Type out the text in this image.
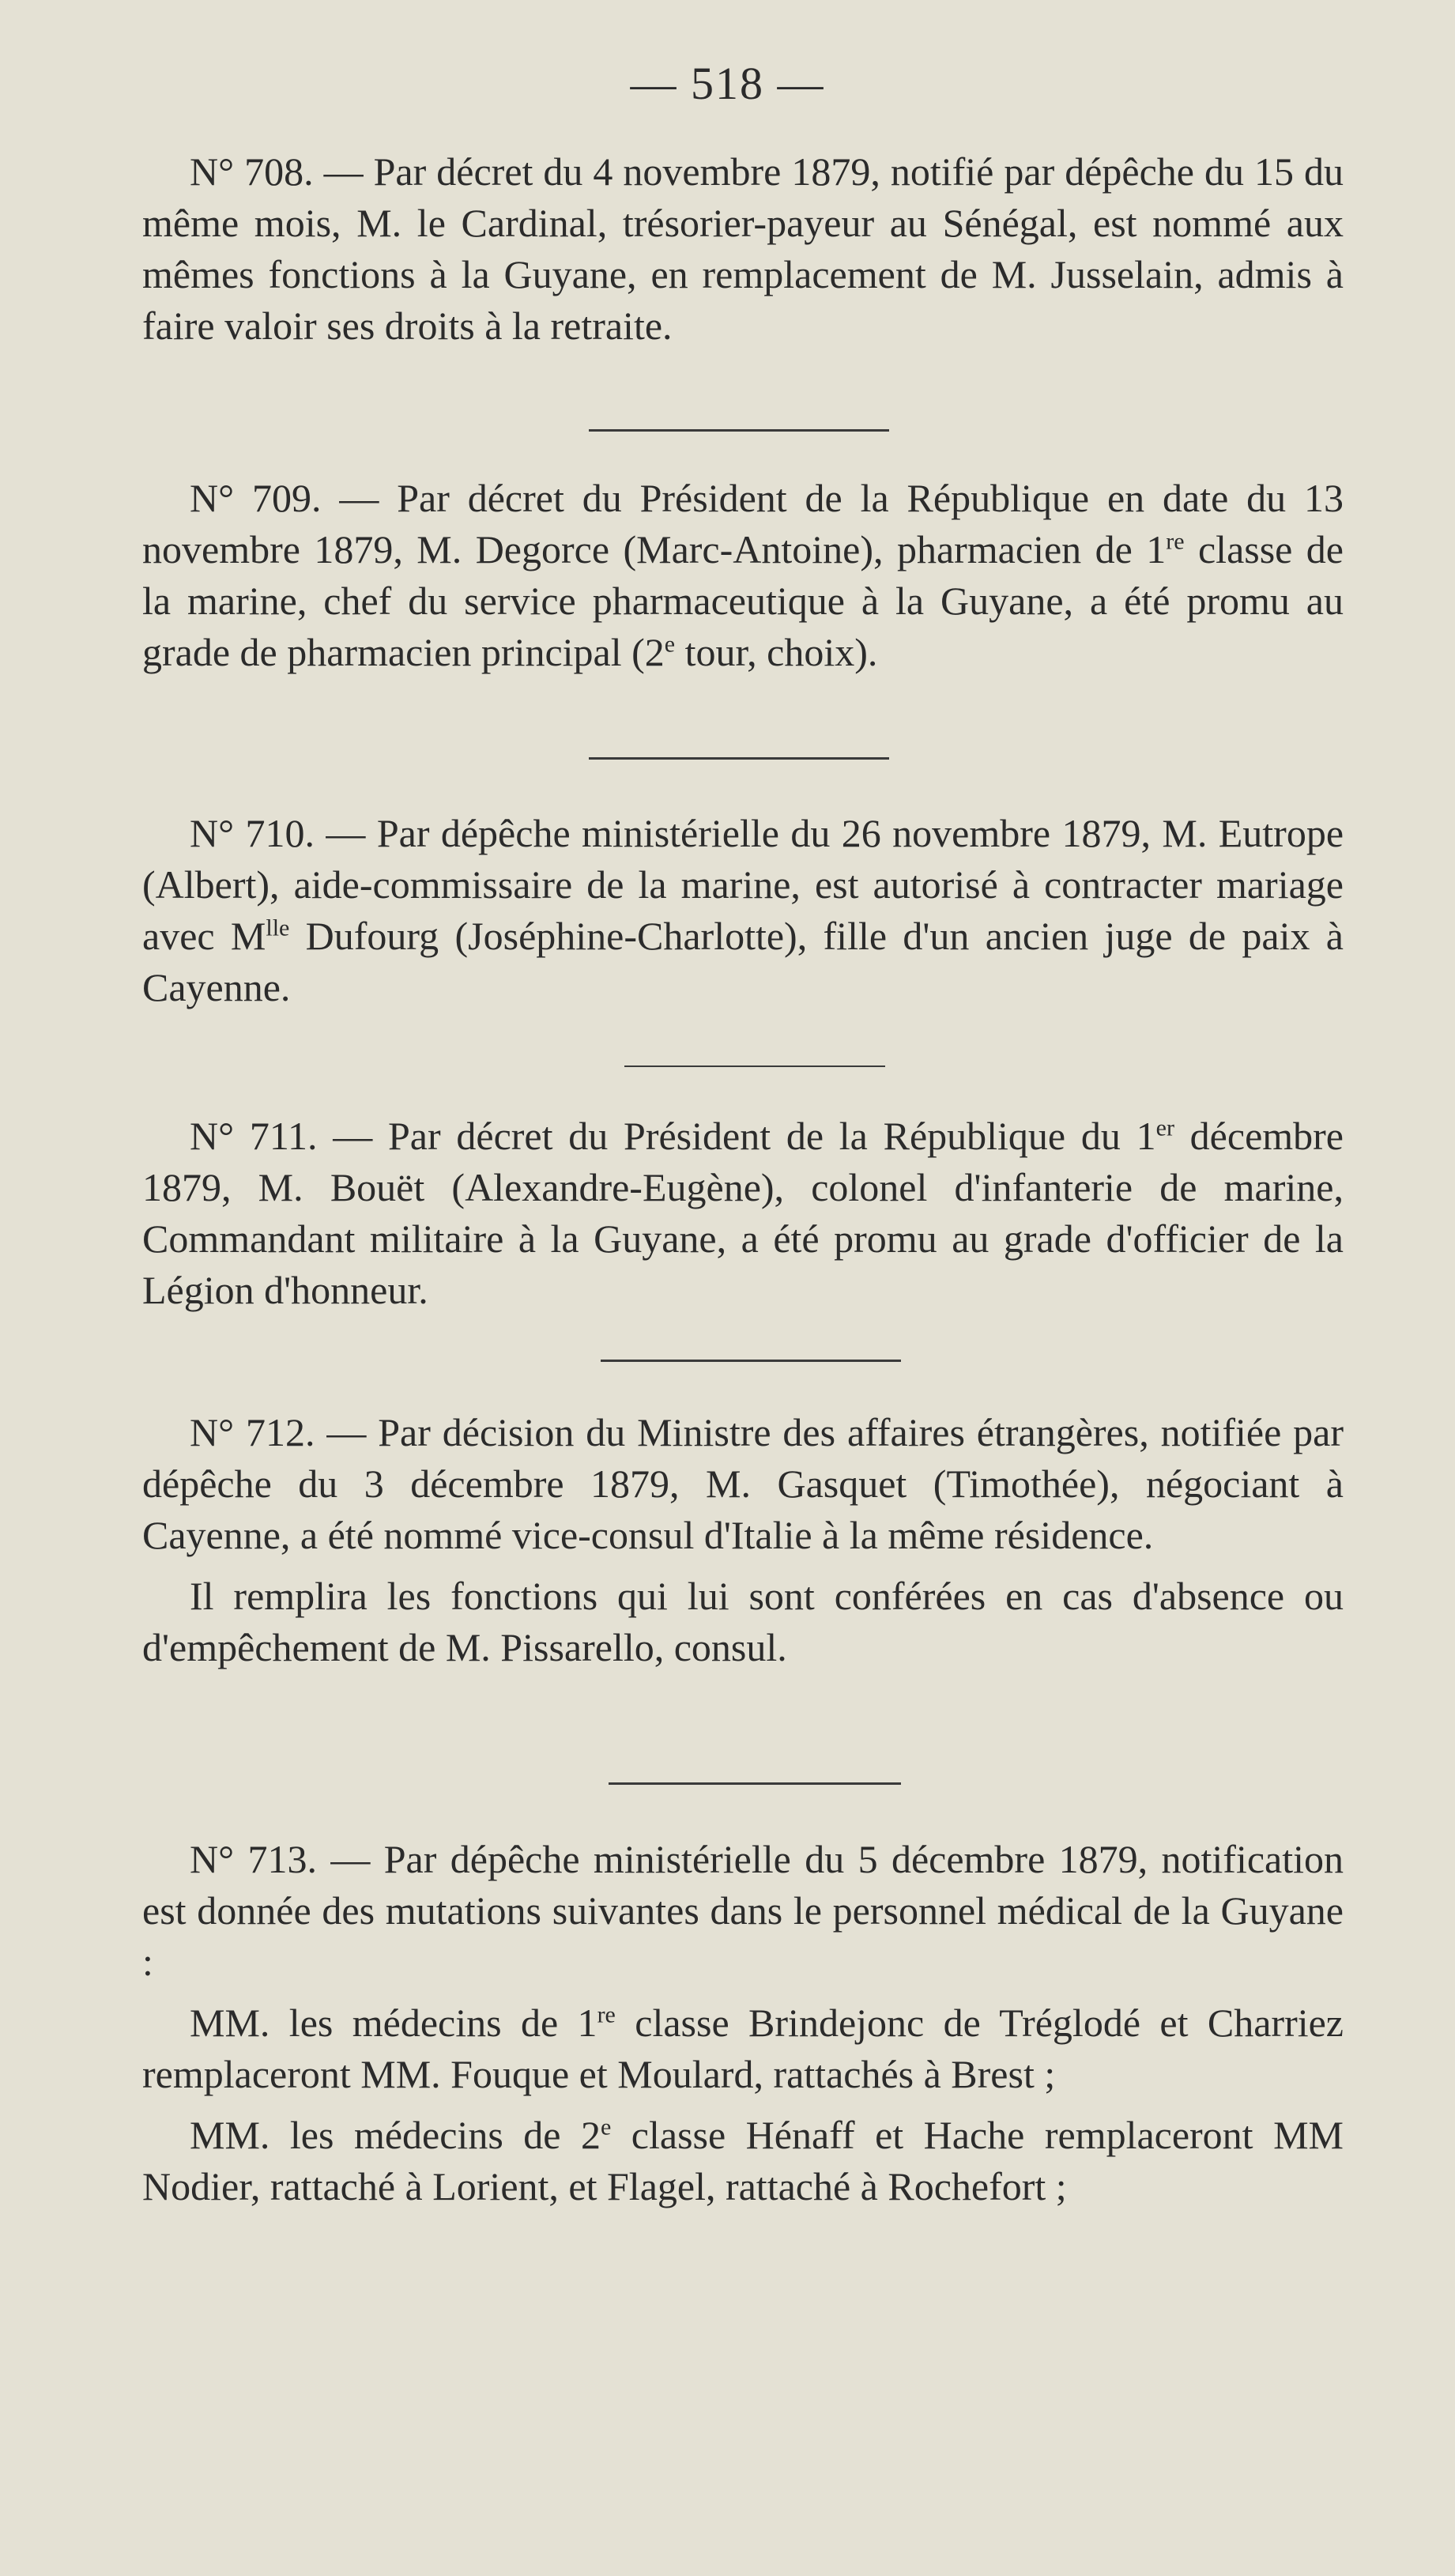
— 518 —

N° 708. — Par décret du 4 novembre 1879, notifié par dépêche du 15 du même mois, M. le Cardinal, trésorier-payeur au Sénégal, est nommé aux mêmes fonctions à la Guyane, en remplacement de M. Jusselain, admis à faire valoir ses droits à la retraite.

N° 709. — Par décret du Président de la République en date du 13 novembre 1879, M. Degorce (Marc-Antoine), pharmacien de 1re classe de la marine, chef du service pharmaceutique à la Guyane, a été promu au grade de pharmacien principal (2e tour, choix).

N° 710. — Par dépêche ministérielle du 26 novembre 1879, M. Eutrope (Albert), aide-commissaire de la marine, est autorisé à contracter mariage avec $M^{lle}$ Dufourg (Joséphine-Charlotte), fille d'un ancien juge de paix à Cayenne.

N° 711. — Par décret du Président de la République du 1er décembre 1879, M. Bouët (Alexandre-Eugène), colonel d'infanterie de marine, Commandant militaire à la Guyane, a été promu au grade d'officier de la Légion d'honneur.

N° 712. — Par décision du Ministre des affaires étrangères, notifiée par dépêche du 3 décembre 1879, M. Gasquet (Timothée), négociant à Cayenne, a été nommé vice-consul d'Italie à la même résidence.

Il remplira les fonctions qui lui sont conférées en cas d'absence ou d'empêchement de M. Pissarello, consul.

N° 713. — Par dépêche ministérielle du 5 décembre 1879, notification est donnée des mutations suivantes dans le personnel médical de la Guyane :

MM. les médecins de 1re classe Brindejonc de Tréglodé et Charriez remplaceront MM. Fouque et Moulard, rattachés à Brest ;

MM. les médecins de 2e classe Hénaff et Hache remplaceront MM Nodier, rattaché à Lorient, et Flagel, rattaché à Rochefort ;
